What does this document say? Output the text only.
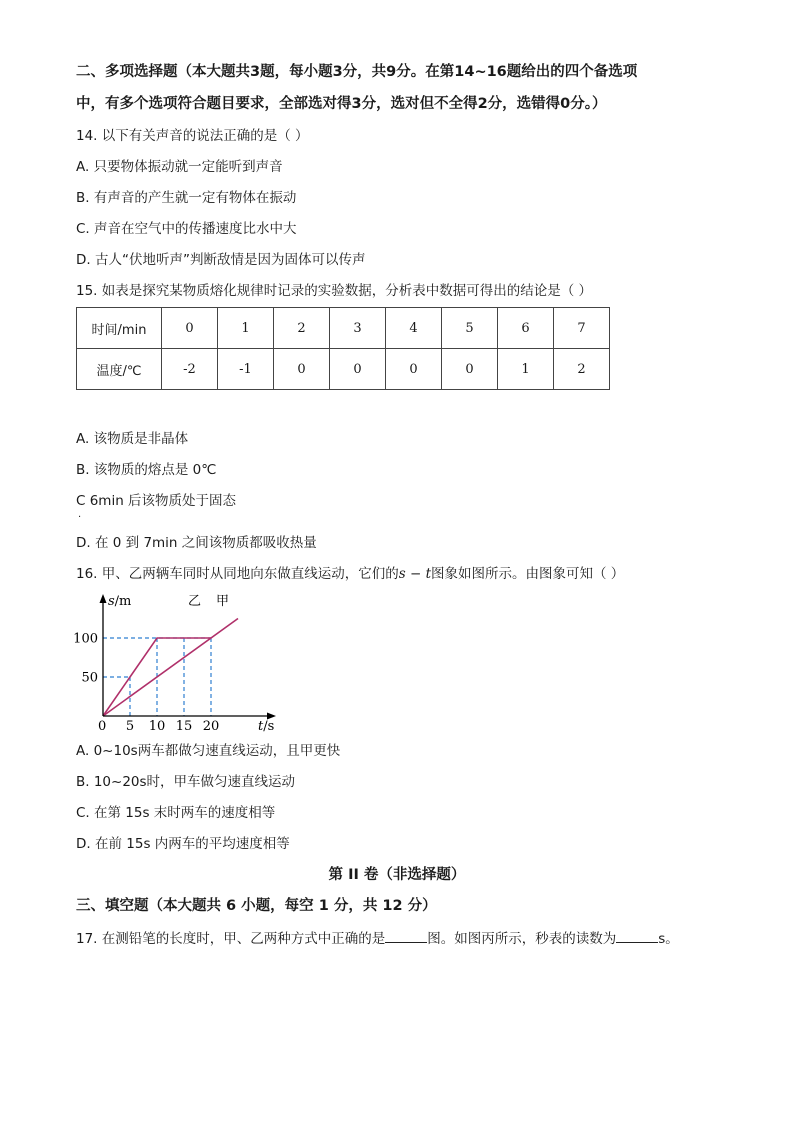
二、多项选择题（本大题共3题，每小题3分，共9分。在第14~16题给出的四个备选项
中，有多个选项符合题目要求，全部选对得3分，选对但不全得2分，选错得0分。）
14. 以下有关声音的说法正确的是（ ）
A. 只要物体振动就一定能听到声音
B. 有声音的产生就一定有物体在振动
C. 声音在空气中的传播速度比水中大
D. 古人“伏地听声”判断敌情是因为固体可以传声
15. 如表是探究某物质熔化规律时记录的实验数据，分析表中数据可得出的结论是（ ）
时间/min	0	1	2	3	4	5	6	7
温度/℃	-2	-1	0	0	0	0	1	2
A. 该物质是非晶体
B. 该物质的熔点是 0℃
C 6min 后该物质处于固态
.
D. 在 0 到 7min 之间该物质都吸收热量
16. 甲、乙两辆车同时从同地向东做直线运动，它们的s − t图象如图所示。由图象可知（ ）
5 10 15 20
50
100
s/m
t/s
乙 甲
0
A. 0~10s两车都做匀速直线运动，且甲更快
B. 10~20s时，甲车做匀速直线运动
C. 在第 15s 末时两车的速度相等
D. 在前 15s 内两车的平均速度相等
第 II 卷（非选择题）
三、填空题（本大题共 6 小题，每空 1 分，共 12 分）
17. 在测铅笔的长度时，甲、乙两种方式中正确的是	图。如图丙所示，秒表的读数为	s。
